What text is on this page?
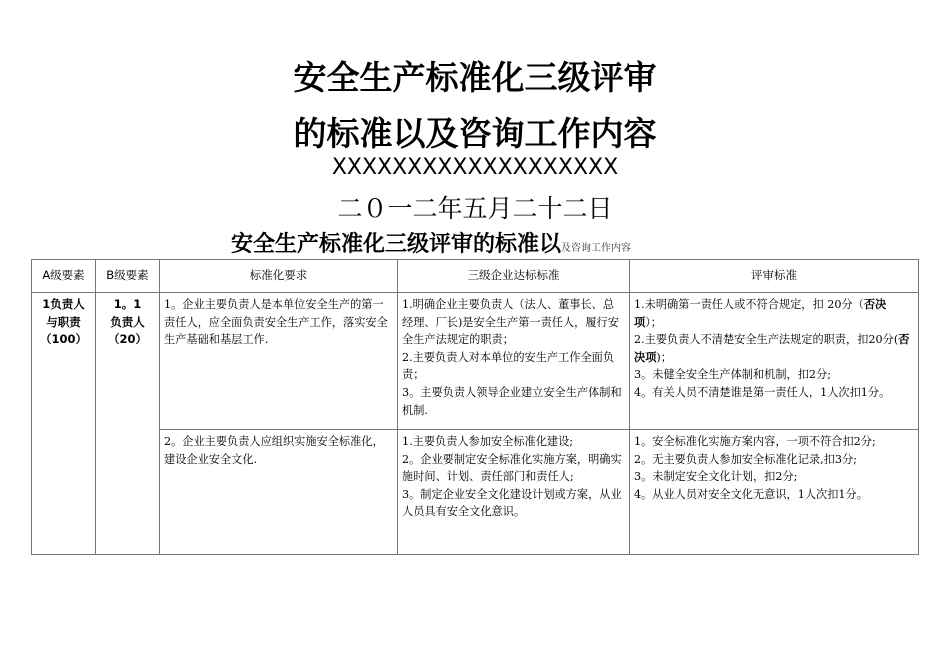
安全生产标准化三级评审
的标准以及咨询工作内容
XXXXXXXXXXXXXXXXXXX
二０一二年五月二十二日
安全生产标准化三级评审的标准以及咨询工作内容
A级要素	B级要素	标准化要求	三级企业达标标准	评审标准

1负责人
与职责
（100）	1。1
负责人
（20）	1。企业主要负责人是本单位安全生产的第一责任人，应全面负责安全生产工作，落实安全生产基础和基层工作.	1.明确企业主要负责人（法人、董事长、总经理、厂长)是安全生产第一责任人，履行安全生产法规定的职责；
2.主要负责人对本单位的安生产工作全面负责；
3。主要负责人领导企业建立安全生产体制和机制.	1.未明确第一责任人或不符合规定，扣 20分（否决项）；
2.主要负责人不清楚安全生产法规定的职责，扣20分(否决项)；
3。未健全安全生产体制和机制，扣2分;
4。有关人员不清楚谁是第一责任人，1人次扣1分。

		2。企业主要负责人应组织实施安全标准化，建设企业安全文化.	1.主要负责人参加安全标准化建设;
2。企业要制定安全标准化实施方案，明确实施时间、计划、责任部门和责任人;
3。制定企业安全文化建设计划或方案，从业人员具有安全文化意识。	1。安全标准化实施方案内容，一项不符合扣2分;
2。无主要负责人参加安全标准化记录,扣3分;
3。未制定安全文化计划，扣2分;
4。从业人员对安全文化无意识，1人次扣1分。
